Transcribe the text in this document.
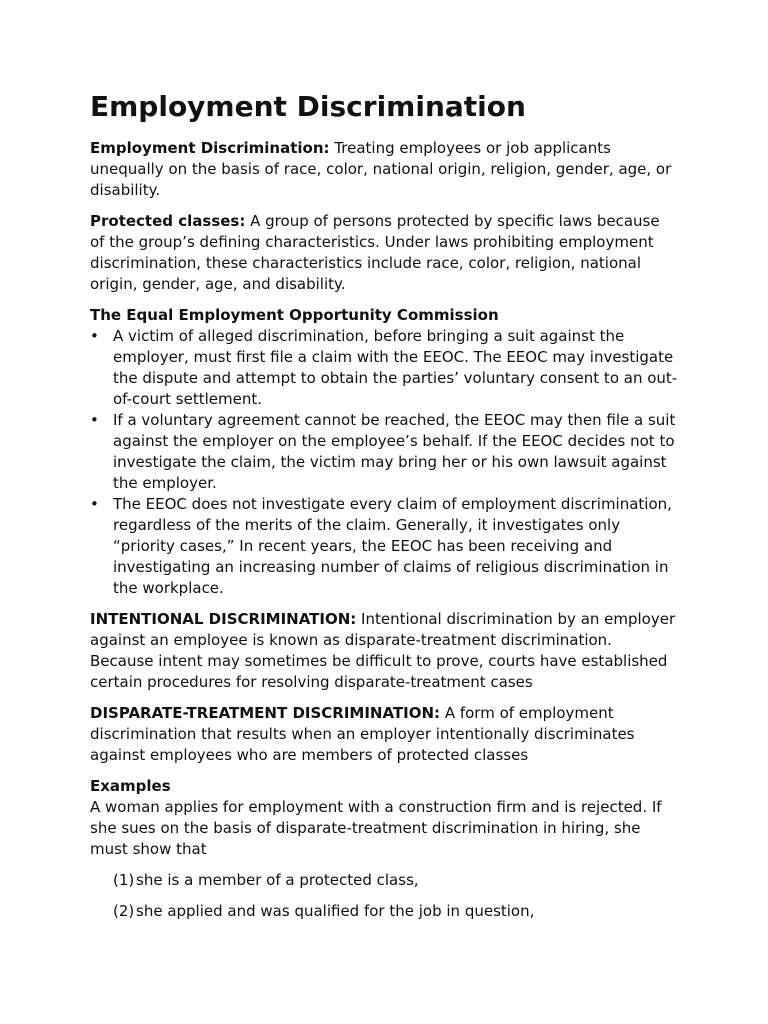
Employment Discrimination

Employment Discrimination: Treating employees or job applicants unequally on the basis of race, color, national origin, religion, gender, age, or disability.

Protected classes: A group of persons protected by specific laws because of the group’s defining characteristics. Under laws prohibiting employment discrimination, these characteristics include race, color, religion, national origin, gender, age, and disability.

The Equal Employment Opportunity Commission
• A victim of alleged discrimination, before bringing a suit against the employer, must first file a claim with the EEOC. The EEOC may investigate the dispute and attempt to obtain the parties’ voluntary consent to an out-of-court settlement.
• If a voluntary agreement cannot be reached, the EEOC may then file a suit against the employer on the employee’s behalf. If the EEOC decides not to investigate the claim, the victim may bring her or his own lawsuit against the employer.
• The EEOC does not investigate every claim of employment discrimination, regardless of the merits of the claim. Generally, it investigates only “priority cases,” In recent years, the EEOC has been receiving and investigating an increasing number of claims of religious discrimination in the workplace.

INTENTIONAL DISCRIMINATION: Intentional discrimination by an employer against an employee is known as disparate-treatment discrimination. Because intent may sometimes be difficult to prove, courts have established certain procedures for resolving disparate-treatment cases

DISPARATE-TREATMENT DISCRIMINATION: A form of employment discrimination that results when an employer intentionally discriminates against employees who are members of protected classes

Examples

A woman applies for employment with a construction firm and is rejected. If she sues on the basis of disparate-treatment discrimination in hiring, she must show that

(1) she is a member of a protected class,
(2) she applied and was qualified for the job in question,
